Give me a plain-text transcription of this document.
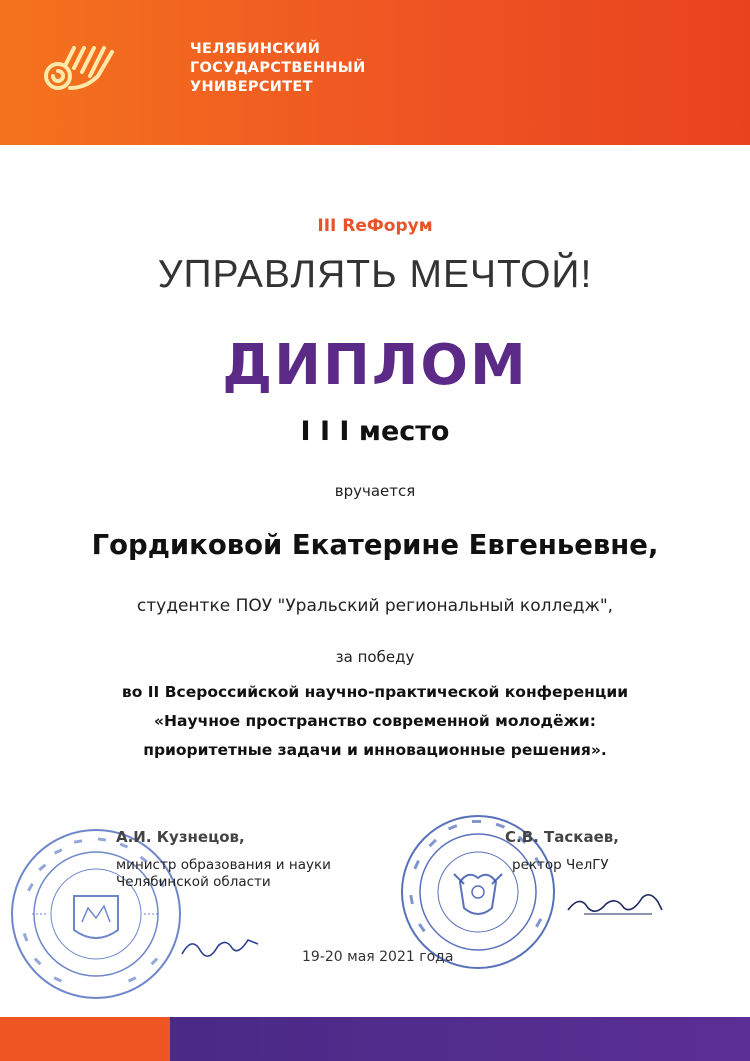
ЧЕЛЯБИНСКИЙ
ГОСУДАРСТВЕННЫЙ
УНИВЕРСИТЕТ
III ReФорум
УПРАВЛЯТЬ МЕЧТОЙ!
ДИПЛОМ
I I I место
вручается
Гордиковой Екатерине Евгеньевне,
студентке ПОУ "Уральский региональный колледж",
за победу
во II Всероссийской научно-практической конференции
«Научное пространство современной молодёжи:
приоритетные задачи и инновационные решения».
А.И. Кузнецов,
министр образования и науки
Челябинской области
С.В. Таскаев,
ректор ЧелГУ
19-20 мая 2021 года
